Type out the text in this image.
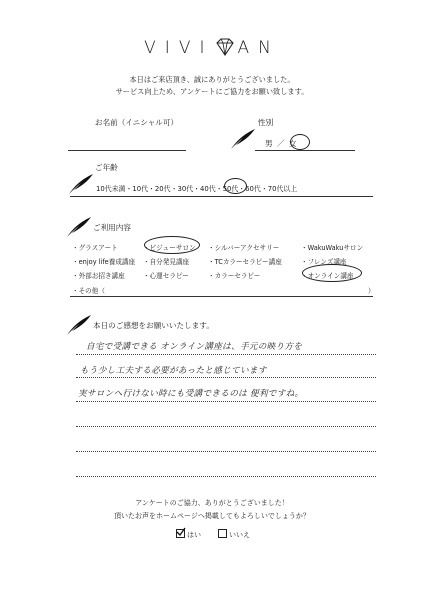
VIVI AN
本日はご来店頂き、誠にありがとうございました。
サービス向上ため、アンケートにご協力をお願い致します。
お名前（イニシャル可）	性別
男 ／ 女
ご年齢
10代未満・10代・20代・30代・40代・50代・60代・70代以上
ご利用内容
・グラスアート	・ビジューサロン ・シルバーアクセサリー	・WakuWakuサロン
・enjoy life養成講座 ・自分発見講座	・TCカラーセラピー講座	・フレンズ講座
・外部お招き講座	・心運セラピー	・カラーセラピー	・オンライン講座
・その他（	）
本日のご感想をお願いいたします。
自宅で受講できる オンライン講座は、手元の映り方を
もう少し工夫する必要があったと感じています
実サロンへ行けない時にも受講できるのは 便利ですね。
アンケートのご協力、ありがとうございました！
頂いたお声をホームページへ掲載してもよろしいでしょうか？
はい	いいえ
